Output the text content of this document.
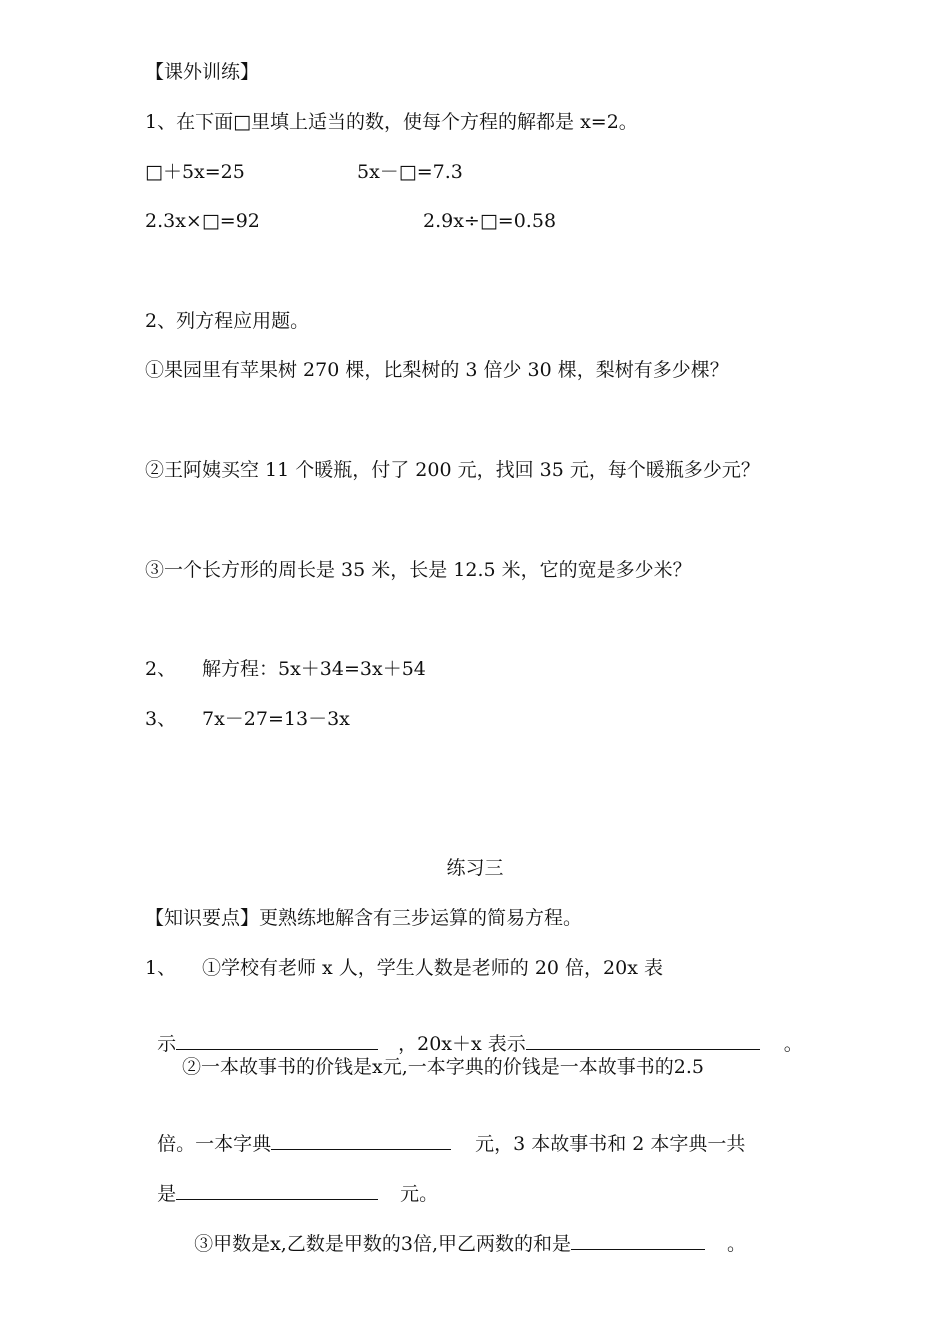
【课外训练】
1、在下面□里填上适当的数，使每个方程的解都是 x=2。
□＋5x=25	5x－□=7.3
2.3x×□=92	2.9x÷□=0.58
2、列方程应用题。
①果园里有苹果树 270 棵，比梨树的 3 倍少 30 棵，梨树有多少棵？
②王阿姨买空 11 个暖瓶，付了 200 元，找回 35 元，每个暖瓶多少元？
③一个长方形的周长是 35 米，长是 12.5 米，它的宽是多少米？
2、 解方程：5x＋34=3x＋54
3、 7x－27=13－3x
练习三
【知识要点】更熟练地解含有三步运算的简易方程。
1、 ①学校有老师 x 人，学生人数是老师的 20 倍，20x 表

示	，20x＋x 表示	。

②一本故事书的价钱是x元,一本字典的价钱是一本故事书的2.5

倍。一本字典	元，3 本故事书和 2 本字典一共

是	元。

③甲数是x,乙数是甲数的3倍,甲乙两数的和是	。
